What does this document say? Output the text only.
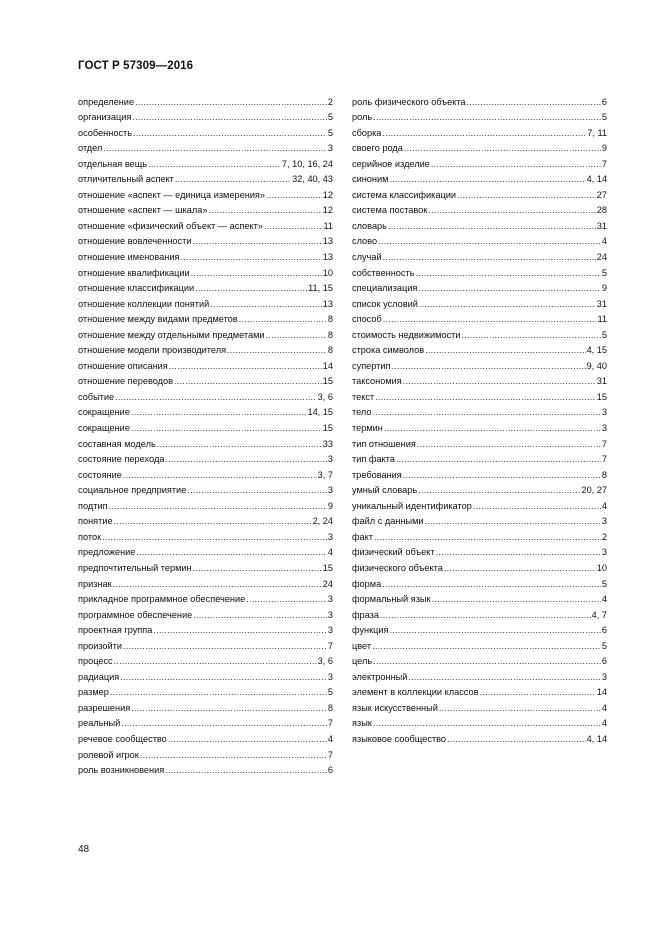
ГОСТ Р 57309—2016
определение .....	2
организация .....	5
особенность .....	5
отдел .....	3
отдельная вещь .....	7, 10, 16, 24
отличительный аспект .....	32, 40, 43
отношение «аспект — единица измерения» .....	12
отношение «аспект — шкала» .....	12
отношение «физический объект — аспект» .....	11
отношение вовлеченности .....	13
отношение именования .....	13
отношение квалификации .....	10
отношение классификации .....	11, 15
отношение коллекции понятий .....	13
отношение между видами предметов .....	8
отношение между отдельными предметами .....	8
отношение модели производителя .....	8
отношение описания .....	14
отношение переводов .....	15
событие .....	3, 6
сокращение .....	14, 15
сокращение .....	15
составная модель .....	33
состояние перехода .....	3
состояние .....	3, 7
социальное предприятие .....	3
подтип .....	9
понятие .....	2, 24
поток .....	3
предложение .....	4
предпочтительный термин .....	15
признак .....	24
прикладное программное обеспечение .....	3
программное обеспечение .....	3
проектная группа .....	3
произойти .....	7
процесс .....	3, 6
радиация .....	3
размер .....	5
разрешения .....	8
реальный .....	7
речевое сообщество .....	4
ролевой игрок .....	7
роль возникновения .....	6
роль физического объекта .....	6
роль .....	5
сборка .....	7, 11
своего рода .....	9
серийное изделие .....	7
синоним .....	4, 14
система классификации .....	27
система поставок .....	28
словарь .....	31
слово .....	4
случай .....	24
собственность .....	5
специализация .....	9
список условий .....	31
способ .....	11
стоимость недвижимости .....	5
строка символов .....	4, 15
супертип .....	9, 40
таксономия .....	31
текст .....	15
тело .....	3
термин .....	3
тип отношения .....	7
тип факта .....	7
требования .....	8
умный словарь .....	20, 27
уникальный идентификатор .....	4
файл с данными .....	3
факт .....	2
физический объект .....	3
физического объекта .....	10
форма .....	5
формальный язык .....	4
фраза .....	4, 7
функция .....	6
цвет .....	5
цель .....	6
электронный .....	3
элемент в коллекции классов .....	14
язык искусственный .....	4
язык .....	4
языковое сообщество .....	4, 14
48
